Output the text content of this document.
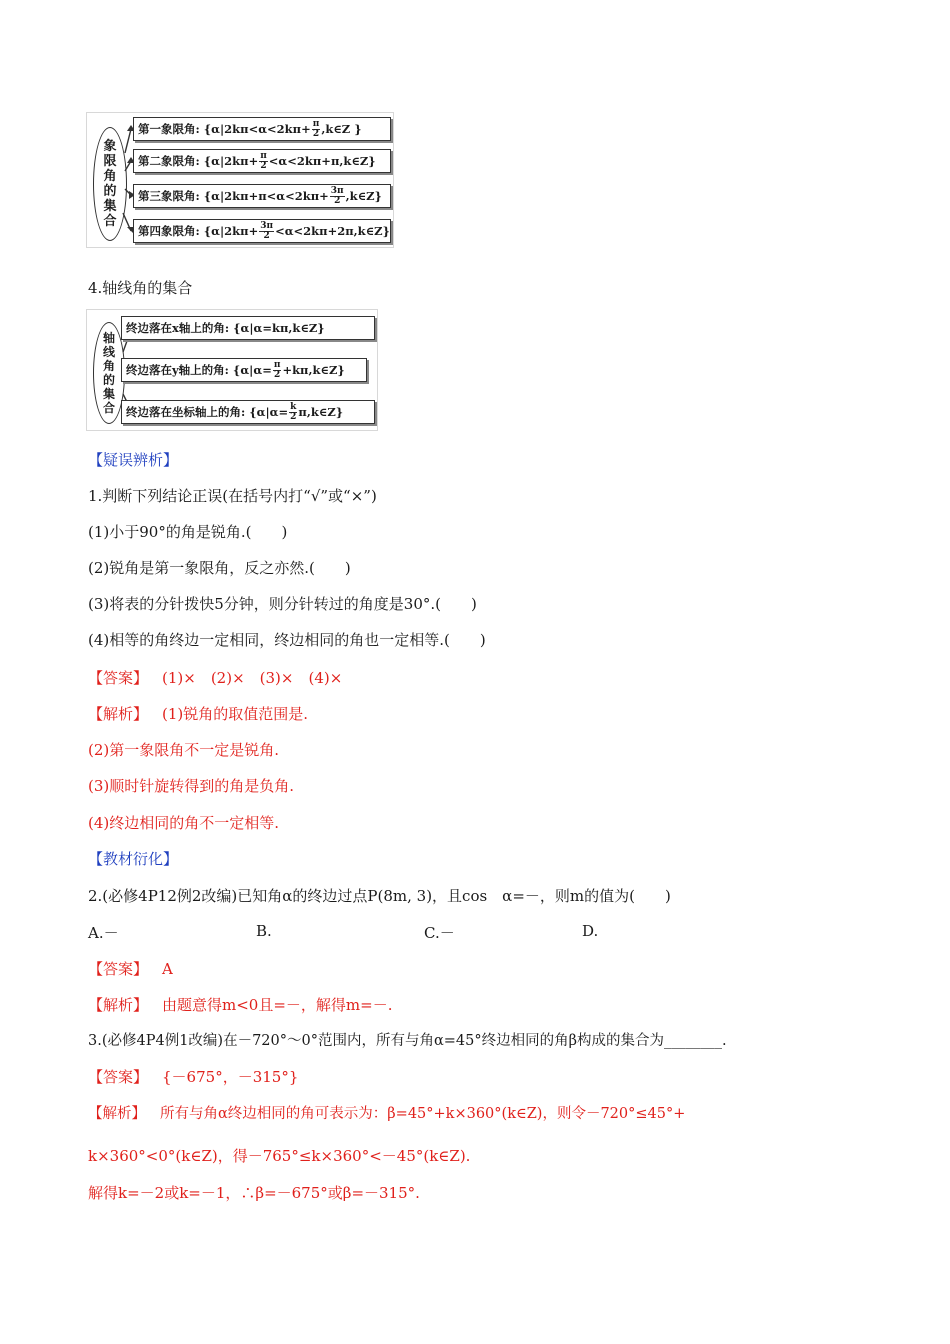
象
限
角
的
集
合
第一象限角: {$\alpha|2k\pi<\alpha<2k\pi+ \frac{\pi}{2}$ ,k∈Z }
第二象限角: {$\alpha|2k\pi+ \frac{\pi}{2}$ <α<2kπ+π,k∈Z}
第三象限角: {$\alpha|2k\pi+\pi<\alpha<2k\pi+ \frac{3\pi}{2}$ ,k∈Z}
第四象限角: {$\alpha|2k\pi+ \frac{3\pi}{2}$ <α<2kπ+2π,k∈Z}
4.轴线角的集合
轴
线
角
的
集
合
终边落在x轴上的角: {α|α=kπ,k∈Z}
终边落在y轴上的角: {$\alpha|\alpha= \frac{\pi}{2}$ +kπ,k∈Z}
终边落在坐标轴上的角: {$\alpha|\alpha= \frac{k}{2}$ π,k∈Z}
【疑误辨析】
1.判断下列结论正误(在括号内打“√”或“×”)
(1)小于90°的角是锐角.(　　)
(2)锐角是第一象限角，反之亦然.(　　)
(3)将表的分针拨快5分钟，则分针转过的角度是30°.(　　)
(4)相等的角终边一定相同，终边相同的角也一定相等.(　　)
【答案】 (1)×　(2)×　(3)×　(4)×
【解析】 (1)锐角的取值范围是.
(2)第一象限角不一定是锐角.
(3)顺时针旋转得到的角是负角.
(4)终边相同的角不一定相等.
【教材衍化】
2.(必修4P12例2改编)已知角α的终边过点P(8m, 3)，且cos　α=－，则m的值为(　　)
A.－	B.	C.－	D.
【答案】 A
【解析】 由题意得m<0且=－，解得m=－.
3.(必修4P4例1改编)在－720°～0°范围内，所有与角α=45°终边相同的角β构成的集合为________.
【答案】 {－675°，－315°}
【解析】 所有与角α终边相同的角可表示为：β=45°+k×360°(k∈Z)，则令－720°≤45°+
k×360°<0°(k∈Z)，得－765°≤k×360°<－45°(k∈Z).
解得k=－2或k=－1，∴β=－675°或β=－315°.
